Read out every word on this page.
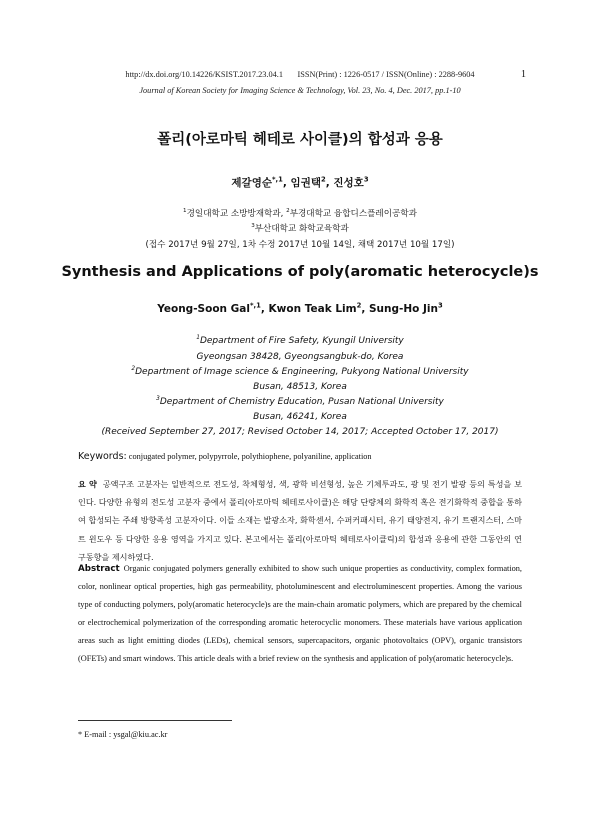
http://dx.doi.org/10.14226/KSIST.2017.23.04.1 ISSN(Print) : 1226-0517 / ISSN(Online) : 2288-9604	1
Journal of Korean Society for Imaging Science & Technology, Vol. 23, No. 4, Dec. 2017, pp.1-10
폴리(아로마틱 헤테로 사이클)의 합성과 응용
제갈영순$^{*,1}$, 임권택$^2$, 진성호$^3$
$^1$경일대학교 소방방재학과, $^2$부경대학교 융합디스플레이공학과
$^3$부산대학교 화학교육학과
(접수 2017년 9월 27일, 1차 수정 2017년 10월 14일, 채택 2017년 10월 17일)
Synthesis and Applications of poly(aromatic heterocycle)s
Yeong-Soon Gal$^{*,1}$, Kwon Teak Lim$^2$, Sung-Ho Jin$^3$
$^1$Department of Fire Safety, Kyungil University
Gyeongsan 38428, Gyeongsangbuk-do, Korea
$^2$Department of Image science & Engineering, Pukyong National University
Busan, 48513, Korea
$^3$Department of Chemistry Education, Pusan National University
Busan, 46241, Korea
(Received September 27, 2017; Revised October 14, 2017; Accepted October 17, 2017)
Keywords: conjugated polymer, polypyrrole, polythiophene, polyaniline, application
요 약 공액구조 고분자는 일반적으로 전도성, 착체형성, 색, 광학 비선형성, 높은 기체투과도, 광 및 전기 발광 등의 특성을 보인다. 다양한 유형의 전도성 고분자 중에서 폴리(아로마틱 헤테로사이클)은 해당 단량체의 화학적 혹은 전기화학적 중합을 통하여 합성되는 주쇄 방향족성 고분자이다. 이들 소재는 발광소자, 화학센서, 수퍼커패시터, 유기 태양전지, 유기 트랜지스터, 스마트 윈도우 등 다양한 응용 영역을 가지고 있다. 본고에서는 폴리(아로마틱 헤테로사이클릭)의 합성과 응용에 관한 그동안의 연구동향을 제시하였다.
Abstract Organic conjugated polymers generally exhibited to show such unique properties as conductivity, complex formation, color, nonlinear optical properties, high gas permeability, photoluminescent and electroluminescent properties. Among the various type of conducting polymers, poly(aromatic heterocycle)s are the main-chain aromatic polymers, which are prepared by the chemical or electrochemical polymerization of the corresponding aromatic heterocyclic monomers. These materials have various application areas such as light emitting diodes (LEDs), chemical sensors, supercapacitors, organic photovoltaics (OPV), organic transistors (OFETs) and smart windows. This article deals with a brief review on the synthesis and application of poly(aromatic heterocycle)s.
* E-mail : ysgal@kiu.ac.kr
